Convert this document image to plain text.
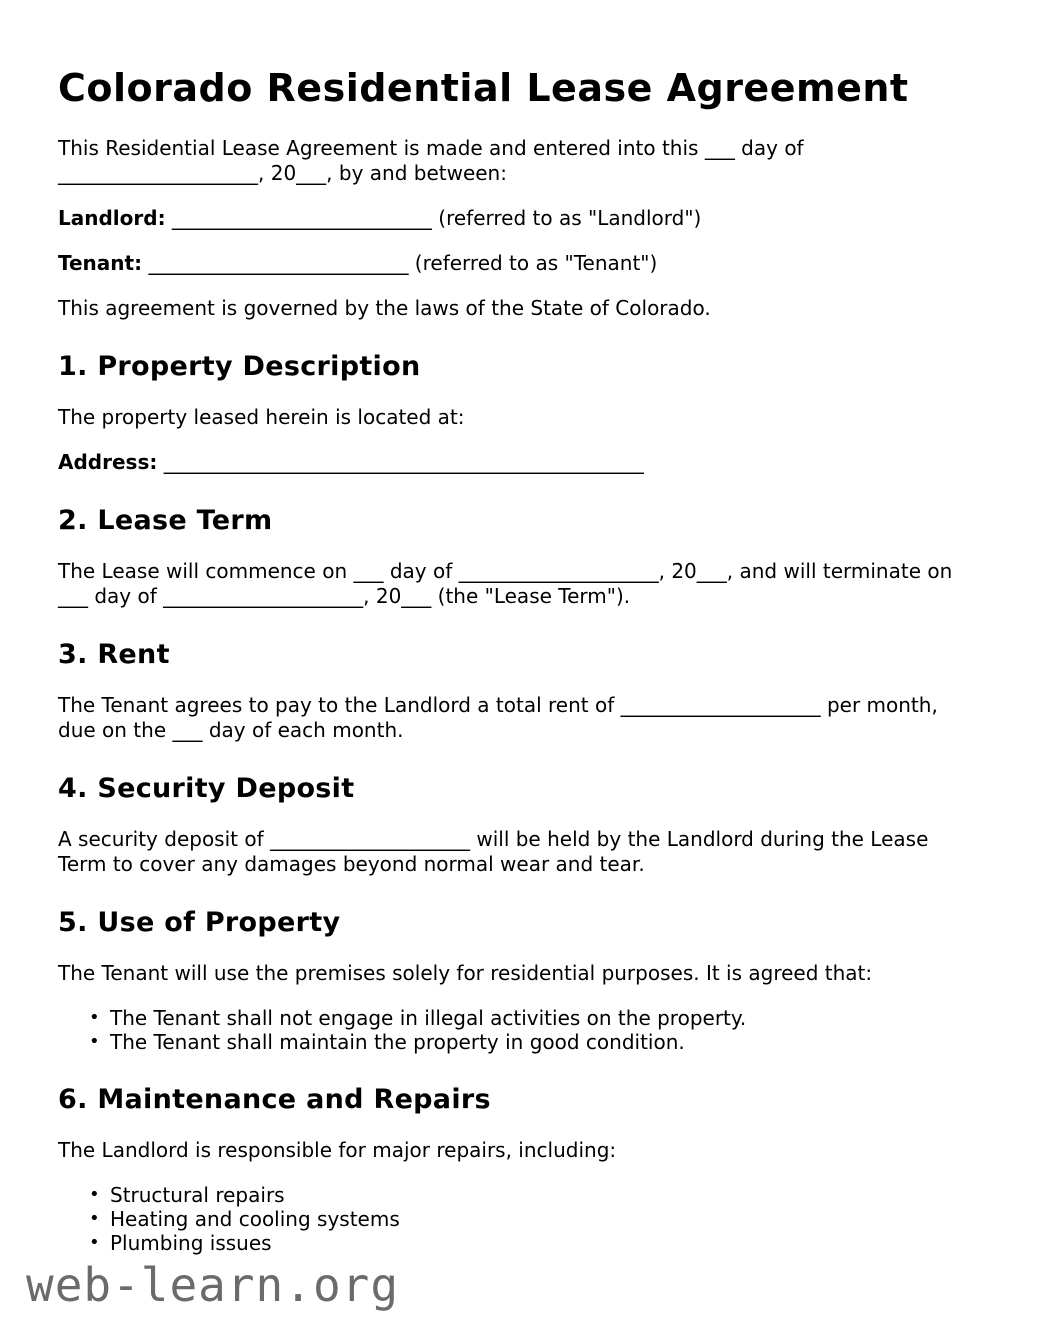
Colorado Residential Lease Agreement

This Residential Lease Agreement is made and entered into this ___ day of ____________________, 20___, by and between:

Landlord: __________________________ (referred to as "Landlord")

Tenant: __________________________ (referred to as "Tenant")

This agreement is governed by the laws of the State of Colorado.

1. Property Description

The property leased herein is located at:

Address: ________________________________________________

2. Lease Term

The Lease will commence on ___ day of ____________________, 20___, and will terminate on ___ day of ____________________, 20___ (the "Lease Term").

3. Rent

The Tenant agrees to pay to the Landlord a total rent of ____________________ per month, due on the ___ day of each month.

4. Security Deposit

A security deposit of ____________________ will be held by the Landlord during the Lease Term to cover any damages beyond normal wear and tear.

5. Use of Property

The Tenant will use the premises solely for residential purposes. It is agreed that:

• The Tenant shall not engage in illegal activities on the property.
• The Tenant shall maintain the property in good condition.
6. Maintenance and Repairs

The Landlord is responsible for major repairs, including:

• Structural repairs
• Heating and cooling systems
• Plumbing issues
web-learn.org
